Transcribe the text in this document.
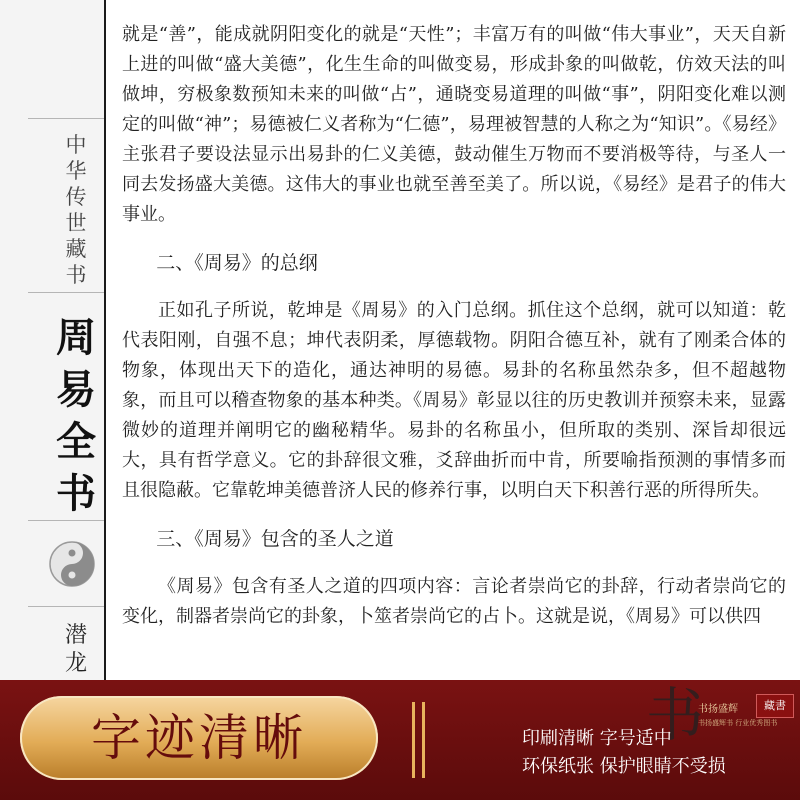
中华传世藏书
周易全书
潜龙

就是“善”，能成就阴阳变化的就是“天性”；丰富万有的叫做“伟大事业”，天天自新上进的叫做“盛大美德”，化生生命的叫做变易，形成卦象的叫做乾，仿效天法的叫做坤，穷极象数预知未来的叫做“占”，通晓变易道理的叫做“事”，阴阳变化难以测定的叫做“神”；易德被仁义者称为“仁德”，易理被智慧的人称之为“知识”。《易经》主张君子要设法显示出易卦的仁义美德，鼓动催生万物而不要消极等待，与圣人一同去发扬盛大美德。这伟大的事业也就至善至美了。所以说，《易经》是君子的伟大事业。

二、《周易》的总纲

正如孔子所说，乾坤是《周易》的入门总纲。抓住这个总纲，就可以知道：乾代表阳刚，自强不息；坤代表阴柔，厚德载物。阴阳合德互补，就有了刚柔合体的物象，体现出天下的造化，通达神明的易德。易卦的名称虽然杂多，但不超越物象，而且可以稽查物象的基本种类。《周易》彰显以往的历史教训并预察未来，显露微妙的道理并阐明它的幽秘精华。易卦的名称虽小，但所取的类别、深旨却很远大，具有哲学意义。它的卦辞很文雅，爻辞曲折而中肯，所要喻指预测的事情多而且很隐蔽。它靠乾坤美德普济人民的修养行事，以明白天下积善行恶的所得所失。

三、《周易》包含的圣人之道

《周易》包含有圣人之道的四项内容：言论者崇尚它的卦辞，行动者崇尚它的变化，制器者崇尚它的卦象，卜筮者崇尚它的占卜。这就是说，《周易》可以供四

字迹清晰	书
书扬盛辉	藏書
书扬盛辉书 行业优秀图书
印刷清晰 字号适中
环保纸张 保护眼睛不受损
